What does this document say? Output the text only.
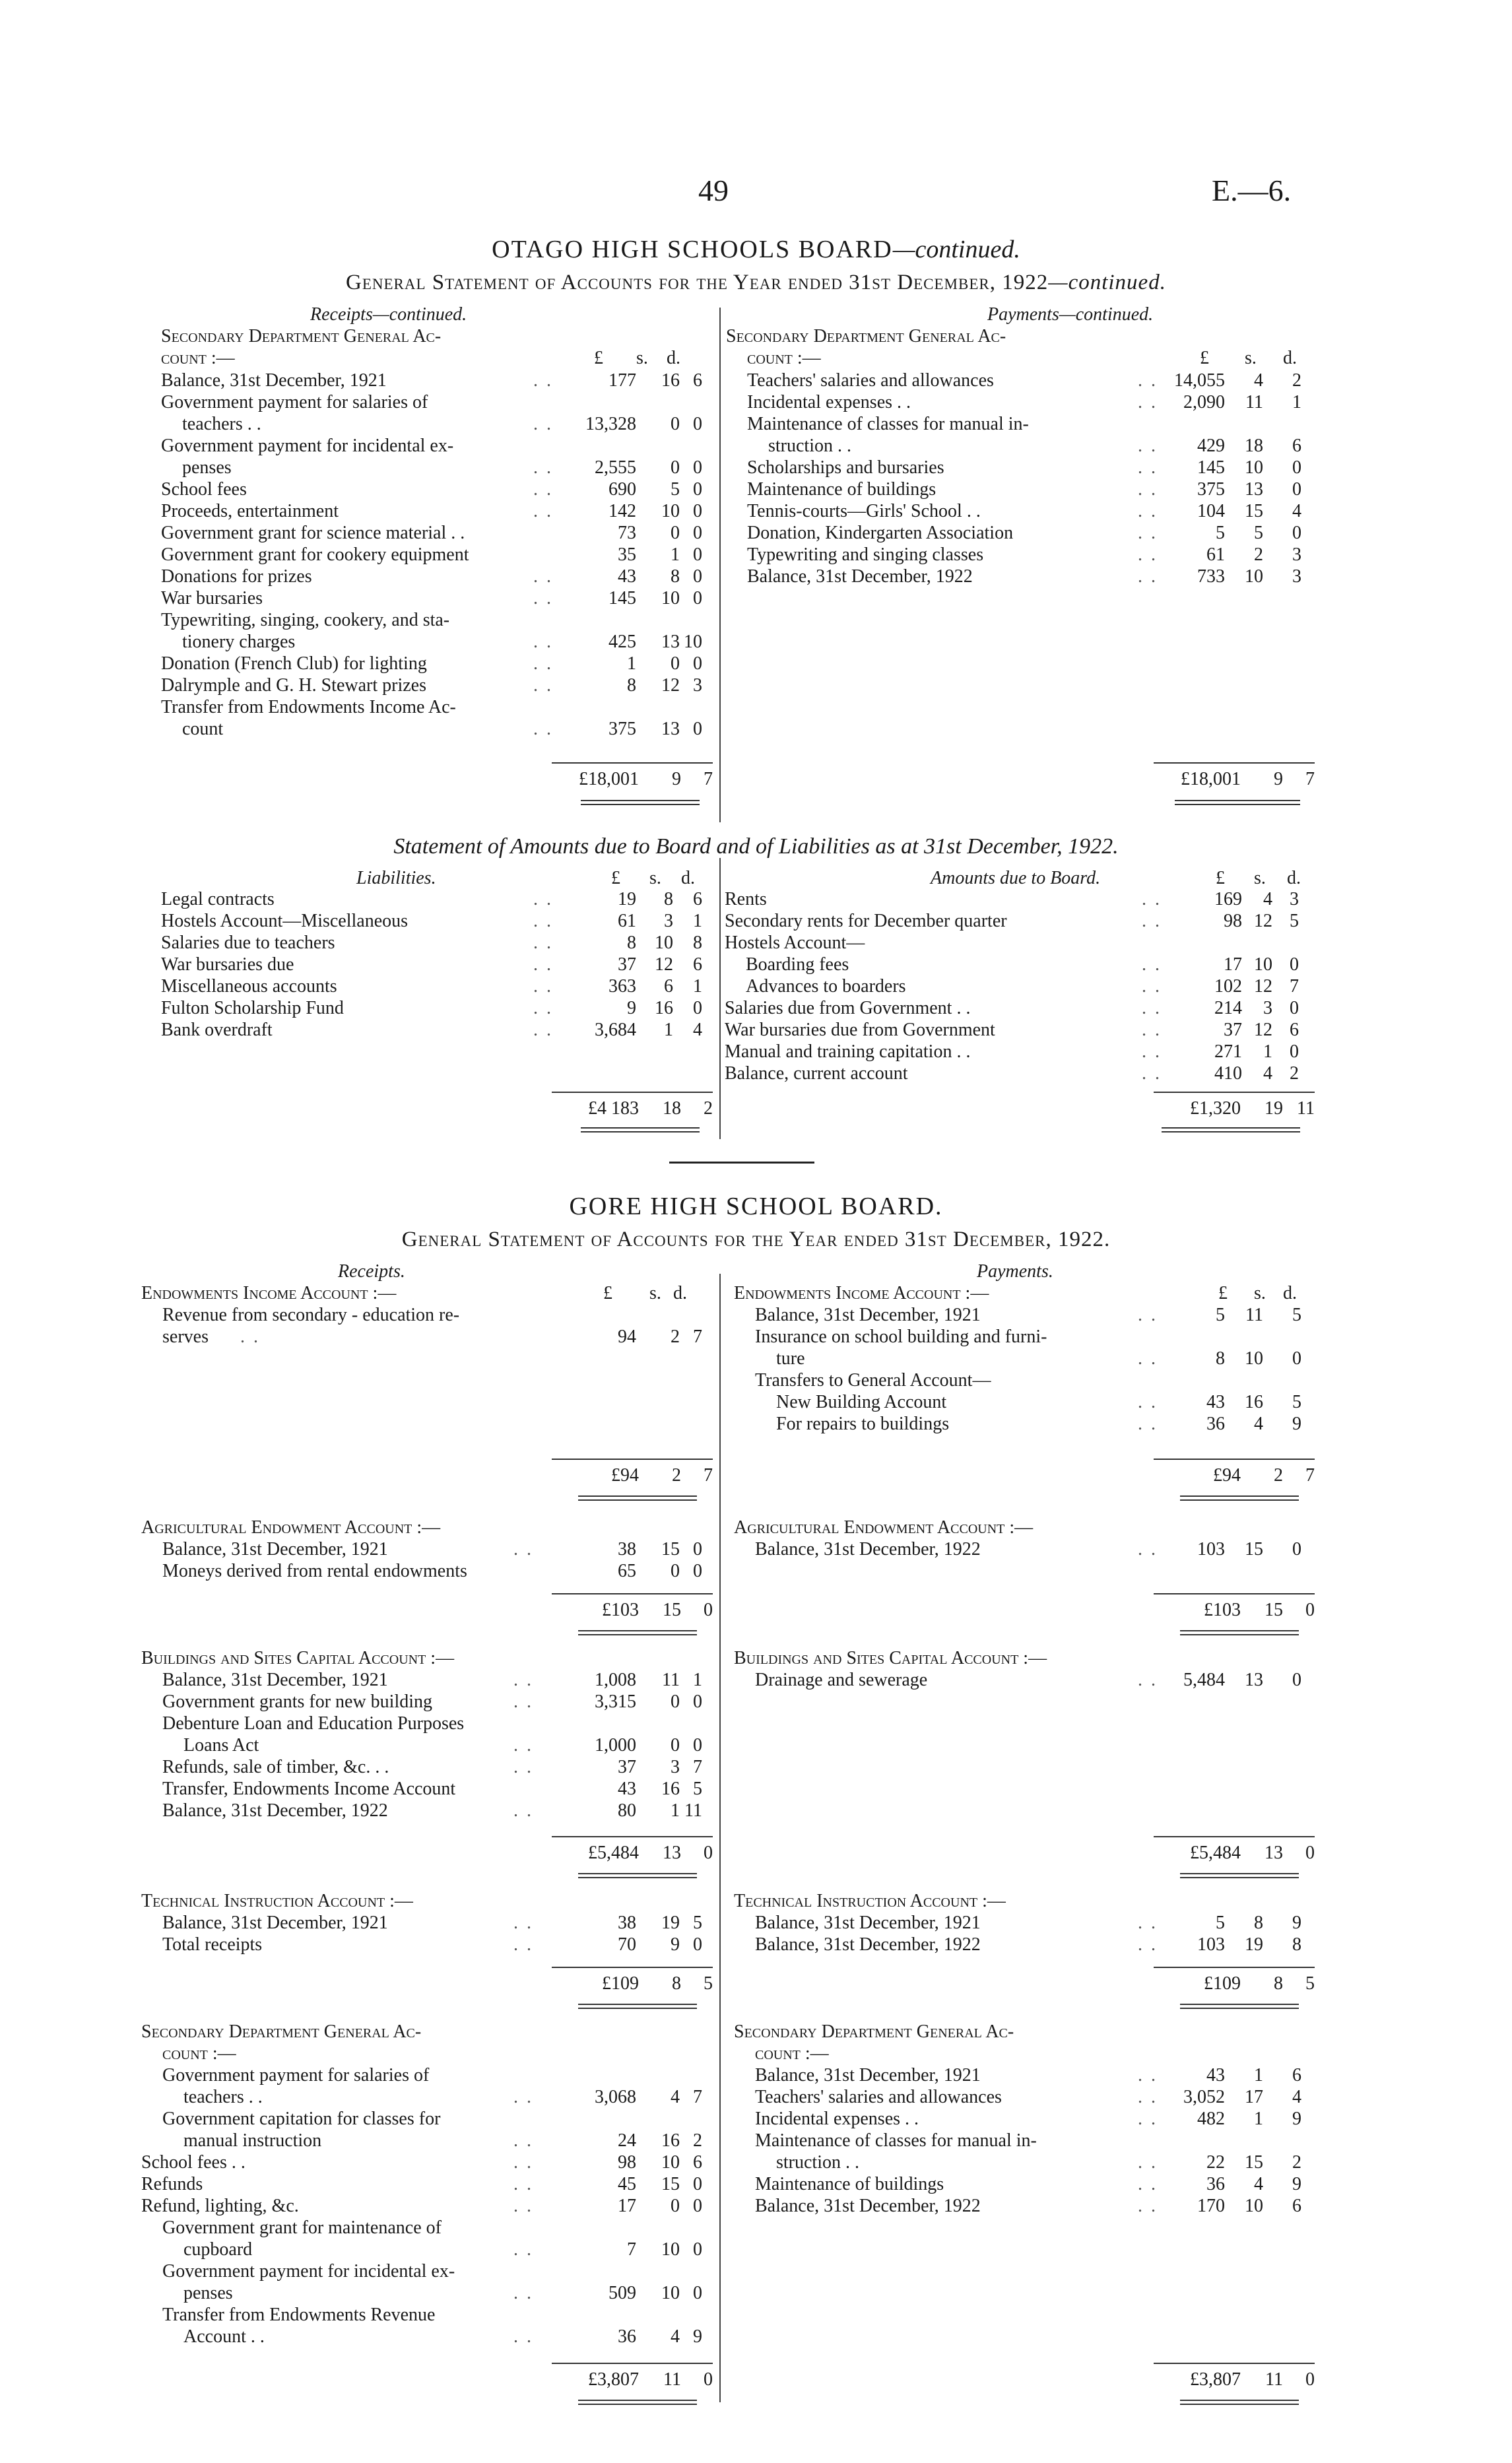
49	E.—6.
OTAGO HIGH SCHOOLS BOARD—continued.
General Statement of Accounts for the Year ended 31st December, 1922—continued.
Receipts—continued.
Secondary Department General Ac-
count :—	£ s. d.
Payments—continued.
Secondary Department General Ac-
count :—	£ s. d.
Balance, 31st December, 1921	. .	177	16 6
Government payment for salaries of
teachers . .	. .	13,328	0 0
Government payment for incidental ex-
penses	. .	2,555	0 0
School fees	. .	690	5 0
Proceeds, entertainment	. .	142	10 0
Government grant for science material . .	73	0 0
Government grant for cookery equipment	35	1 0
Donations for prizes	. .	43	8 0
War bursaries	. .	145	10 0
Typewriting, singing, cookery, and sta-
tionery charges	. .	425	13 10
Donation (French Club) for lighting	. .	1	0 0
Dalrymple and G. H. Stewart prizes	. .	8	12 3
Transfer from Endowments Income Ac-
count	. .	375	13 0
Teachers' salaries and allowances	. . 14,055	4	2
Incidental expenses . .	. .	2,090	11	1
Maintenance of classes for manual in-
struction . .	. .	429	18	6
Scholarships and bursaries	. .	145	10	0
Maintenance of buildings	. .	375	13	0
Tennis-courts—Girls' School . .	. .	104	15	4
Donation, Kindergarten Association	. .	5	5	0
Typewriting and singing classes	. .	61	2	3
Balance, 31st December, 1922	. .	733	10	3
£18,001 9 7	£18,001 9 7
Statement of Amounts due to Board and of Liabilities as at 31st December, 1922.
Liabilities.	£ s. d.	Amounts due to Board.	£ s. d.
Legal contracts	. .	19	8	6
Hostels Account—Miscellaneous	. .	61	3	1
Salaries due to teachers	. .	8	10	8
War bursaries due	. .	37	12	6
Miscellaneous accounts	. .	363	6	1
Fulton Scholarship Fund	. .	9	16	0
Bank overdraft	. .	3,684	1	4
Rents	. .	169	4 3
Secondary rents for December quarter	. .	98 12 5
Hostels Account—
Boarding fees	. .	17 10 0
Advances to boarders	. .	102 12 7
Salaries due from Government . .	. .	214	3 0
War bursaries due from Government	. .	37 12 6
Manual and training capitation . .	. .	271	1 0
Balance, current account	. .	410	4 2
£4 183 18 2	£1,320 19 11
GORE HIGH SCHOOL BOARD.
General Statement of Accounts for the Year ended 31st December, 1922.
Receipts.	Payments.
£ s. d.	£ s. d.
Endowments Income Account :—
Revenue from secondary - education re-
serves . .	94	2 7
£94 2 7
Endowments Income Account :—
Balance, 31st December, 1921	. .	5	11	5
Insurance on school building and furni-
ture	. .	8	10	0
Transfers to General Account—
New Building Account	. .	43	16	5
For repairs to buildings	. .	36	4	9
£94 2 7
Agricultural Endowment Account :—
Balance, 31st December, 1921	. .	38	15 0
Moneys derived from rental endowments	65	0 0
£103 15 0
Agricultural Endowment Account :—
Balance, 31st December, 1922	. .	103	15	0
£103 15 0
Buildings and Sites Capital Account :—
Balance, 31st December, 1921	. .	1,008	11 1
Government grants for new building	. .	3,315	0 0
Debenture Loan and Education Purposes
Loans Act	. .	1,000	0 0
Refunds, sale of timber, &c. . .	. .	37	3 7
Transfer, Endowments Income Account	43	16 5
Balance, 31st December, 1922	. .	80	1 11
£5,484 13 0
Buildings and Sites Capital Account :—
Drainage and sewerage	. .	5,484	13	0
£5,484 13 0
Technical Instruction Account :—
Balance, 31st December, 1921	. .	38	19 5
Total receipts	. .	70	9 0
£109 8 5
Technical Instruction Account :—
Balance, 31st December, 1921	. .	5	8	9
Balance, 31st December, 1922	. .	103	19	8
£109 8 5
Secondary Department General Ac-
count :—
Government payment for salaries of
teachers . .	. .	3,068	4 7
Government capitation for classes for
manual instruction	. .	24	16 2
School fees . .	. .	98	10 6
Refunds	. .	45	15 0
Refund, lighting, &c.	. .	17	0 0
Government grant for maintenance of
cupboard	. .	7	10 0
Government payment for incidental ex-
penses	. .	509	10 0
Transfer from Endowments Revenue
Account . .	. .	36	4 9
£3,807 11 0
Secondary Department General Ac-
count :—
Balance, 31st December, 1921	. .	43	1	6
Teachers' salaries and allowances	. .	3,052	17	4
Incidental expenses . .	. .	482	1	9
Maintenance of classes for manual in-
struction . .	. .	22	15	2
Maintenance of buildings	. .	36	4	9
Balance, 31st December, 1922	. .	170	10	6
£3,807 11 0
